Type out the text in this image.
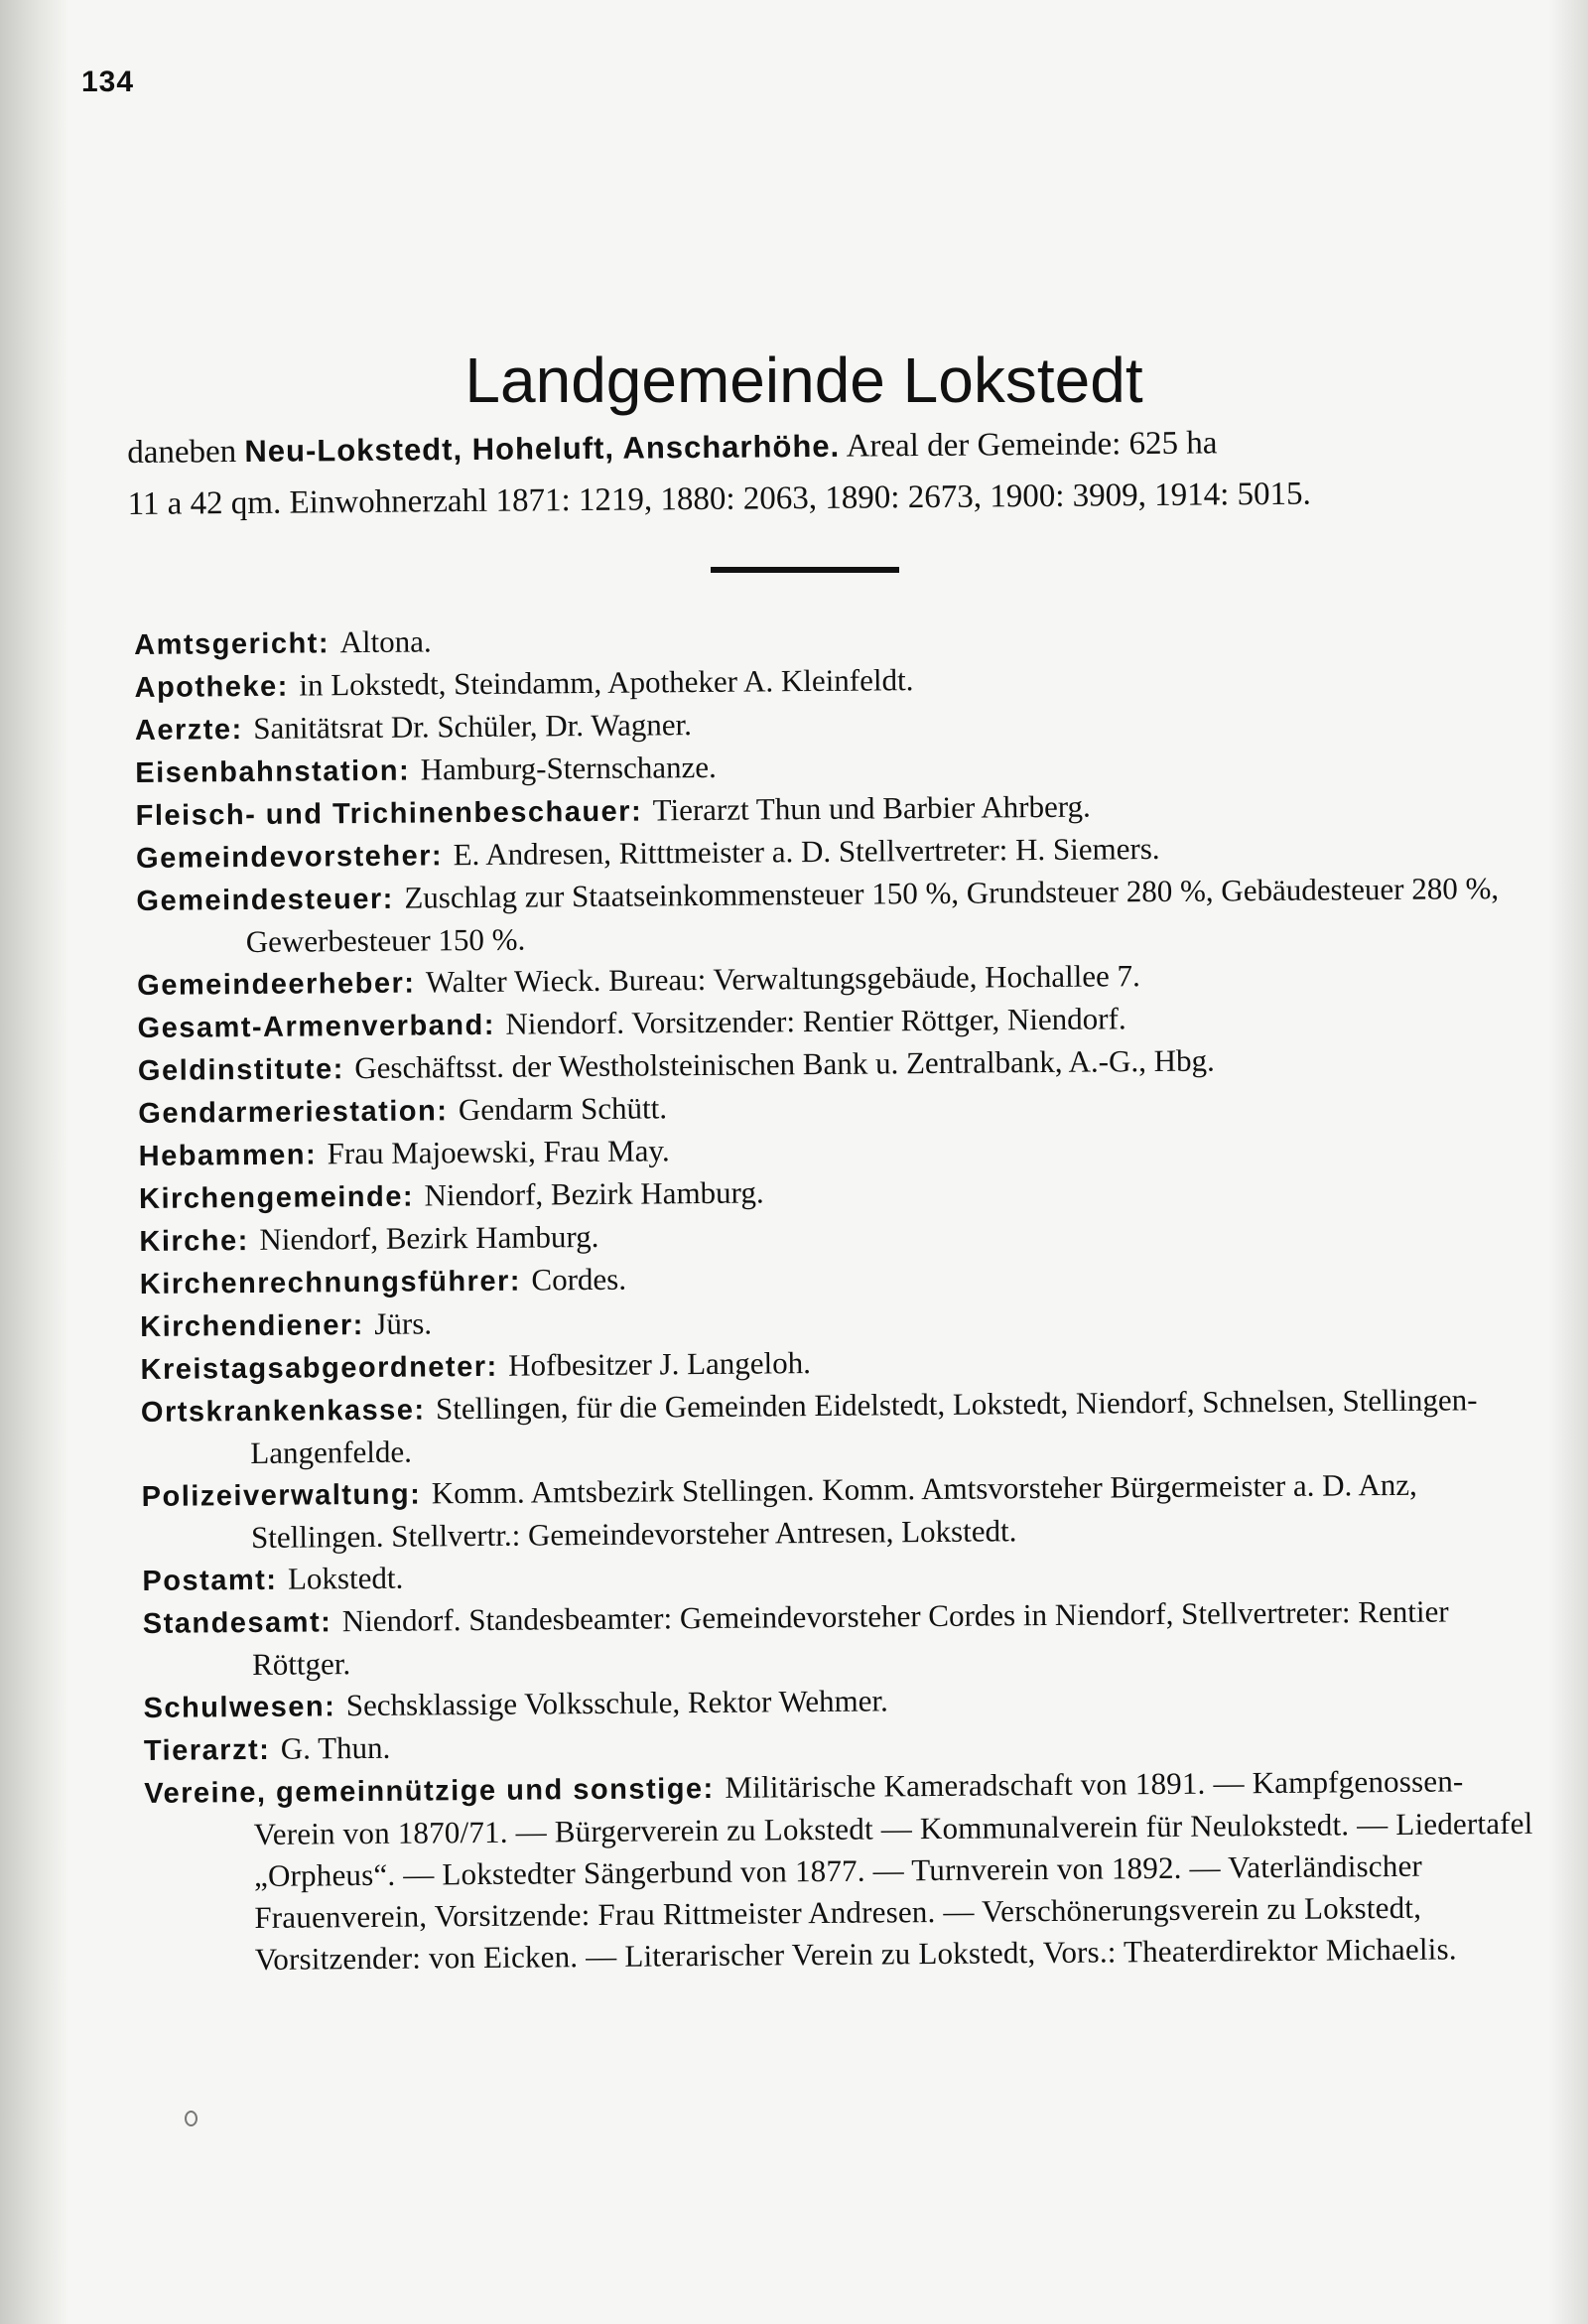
134
Landgemeinde Lokstedt
daneben Neu-Lokstedt, Hoheluft, Anscharhöhe. Areal der Gemeinde: 625 ha
11 a 42 qm. Einwohnerzahl 1871: 1219, 1880: 2063, 1890: 2673, 1900: 3909, 1914: 5015.

Amtsgericht: Altona.

Apotheke: in Lokstedt, Steindamm, Apotheker A. Kleinfeldt.

Aerzte: Sanitätsrat Dr. Schüler, Dr. Wagner.

Eisenbahnstation: Hamburg-Sternschanze.

Fleisch- und Trichinenbeschauer: Tierarzt Thun und Barbier Ahrberg.

Gemeindevorsteher: E. Andresen, Ritttmeister a. D. Stellvertreter: H. Siemers.

Gemeindesteuer: Zuschlag zur Staatseinkommensteuer 150 %, Grundsteuer 280 %, Gebäudesteuer 280 %, Gewerbesteuer 150 %.

Gemeindeerheber: Walter Wieck. Bureau: Verwaltungsgebäude, Hochallee 7.

Gesamt-Armenverband: Niendorf. Vorsitzender: Rentier Röttger, Niendorf.

Geldinstitute: Geschäftsst. der Westholsteinischen Bank u. Zentralbank, A.-G., Hbg.

Gendarmeriestation: Gendarm Schütt.

Hebammen: Frau Majoewski, Frau May.

Kirchengemeinde: Niendorf, Bezirk Hamburg.

Kirche: Niendorf, Bezirk Hamburg.

Kirchenrechnungsführer: Cordes.

Kirchendiener: Jürs.

Kreistagsabgeordneter: Hofbesitzer J. Langeloh.

Ortskrankenkasse: Stellingen, für die Gemeinden Eidelstedt, Lokstedt, Niendorf, Schnelsen, Stellingen-Langenfelde.

Polizeiverwaltung: Komm. Amtsbezirk Stellingen. Komm. Amtsvorsteher Bürgermeister a. D. Anz, Stellingen. Stellvertr.: Gemeindevorsteher Antresen, Lokstedt.

Postamt: Lokstedt.

Standesamt: Niendorf. Standesbeamter: Gemeindevorsteher Cordes in Niendorf, Stellvertreter: Rentier Röttger.

Schulwesen: Sechsklassige Volksschule, Rektor Wehmer.

Tierarzt: G. Thun.

Vereine, gemeinnützige und sonstige: Militärische Kameradschaft von 1891. — Kampfgenossen-Verein von 1870/71. — Bürgerverein zu Lokstedt — Kommunalverein für Neulokstedt. — Liedertafel „Orpheus“. — Lokstedter Sängerbund von 1877. — Turnverein von 1892. — Vaterländischer Frauenverein, Vorsitzende: Frau Rittmeister Andresen. — Verschönerungsverein zu Lokstedt, Vorsitzender: von Eicken. — Literarischer Verein zu Lokstedt, Vors.: Theaterdirektor Michaelis.
